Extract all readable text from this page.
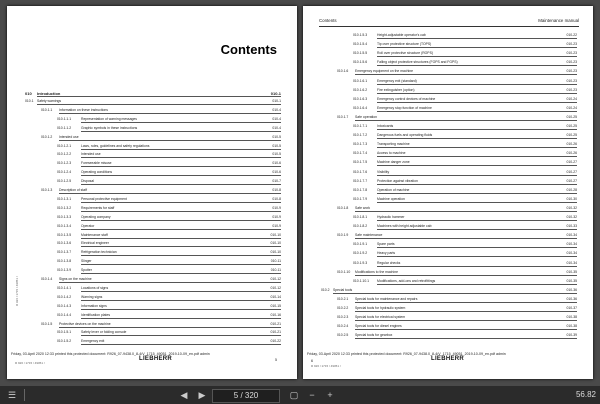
Contents
010 Introduction	010-1
010.1 Safety warnings	010-1
010.1.1 Information on these instructions	010-4
010.1.1.1	Representation of warning messages	010-4
010.1.1.2	Graphic symbols in these instructions	010-4
010.1.2 Intended use	010-5
010.1.2.1	Laws, rules, guidelines and safety regulations	010-5
010.1.2.2	Intended use	010-5
010.1.2.3	Foreseeable misuse	010-6
010.1.2.4	Operating conditions	010-6
010.1.2.5	Disposal	010-7
010.1.3 Description of staff	010-8
010.1.3.1	Personal protective equipment	010-8
010.1.3.2	Requirements for staff	010-9
010.1.3.3	Operating company	010-9
010.1.3.4	Operator	010-9
010.1.3.5	Maintenance staff	010-10
010.1.3.6	Electrical engineer	010-10
010.1.3.7	Refrigeration technician	010-10
010.1.3.8	Slinger	010-11
010.1.3.9	Spotter	010-11
010.1.4 Signs on the machine	010-12
010.1.4.1	Locations of signs	010-12
010.1.4.2	Warning signs	010-14
010.1.4.3	Information signs	010-15
010.1.4.4	Identification plates	010-16
010.1.5 Protective devices on the machine	010-21
010.1.5.1	Safety lever or folding console	010-21
010.1.5.2	Emergency exit	010-22
R 926 / 1715 / 49051 /
Friday, 03.April 2020 12:33 printed this protected document: R926_07-9438.0_8-4/V_1715_49051_2019-10-09_en.pdf admin
5
R 926 / 1715 / 49051 /
LIEBHERR
Contents	Maintenance manual
010.1.5.3	Height-adjustable operator's cab	010-22
010.1.5.4	Tip over protective structure (TOPS)	010-23
010.1.5.5	Roll over protective structure (ROPS)	010-23
010.1.5.6	Falling object protective structures (FOPS and FGPS)	010-23
010.1.6 Emergency equipment on the machine	010-23
010.1.6.1	Emergency exit (standard)	010-23
010.1.6.2	Fire extinguisher (option)	010-23
010.1.6.3	Emergency control devices of machine	010-24
010.1.6.4	Emergency stop function of machine	010-24
010.1.7 Safe operation	010-25
010.1.7.1	Intoxicants	010-25
010.1.7.2	Dangerous fuels and operating fluids	010-25
010.1.7.3	Transporting machine	010-26
010.1.7.4	Access to machine	010-26
010.1.7.5	Machine danger zone	010-27
010.1.7.6	Visibility	010-27
010.1.7.7	Protection against vibration	010-27
010.1.7.8	Operation of machine	010-28
010.1.7.9	Machine operation	010-30
010.1.8 Safe work	010-32
010.1.8.1	Hydraulic hammer	010-32
010.1.8.2	Machines with height adjustable cab	010-33
010.1.9 Safe maintenance	010-34
010.1.9.1	Spare parts	010-34
010.1.9.2	Heavy parts	010-34
010.1.9.3	Regular checks	010-34
010.1.10 Modifications to the machine	010-35
010.1.10.1 Modifications, add-ons and retrofittings	010-35
010.2 Special tools	010-36
010.2.1 Special tools for maintenance and repairs	010-36
010.2.2 Special tools for hydraulic system	010-37
010.2.3 Special tools for electrical system	010-38
010.2.4 Special tools for diesel engines	010-38
010.2.5 Special tools for gearbox	010-39
Friday, 03.April 2020 12:33 printed this protected document: R926_07-9438.0_8-4/V_1715_49051_2019-10-09_en.pdf admin
6
R 926 / 1715 / 49051 /
LIEBHERR
☰	◀	▶	5 / 320	▢	−	+	56.82
